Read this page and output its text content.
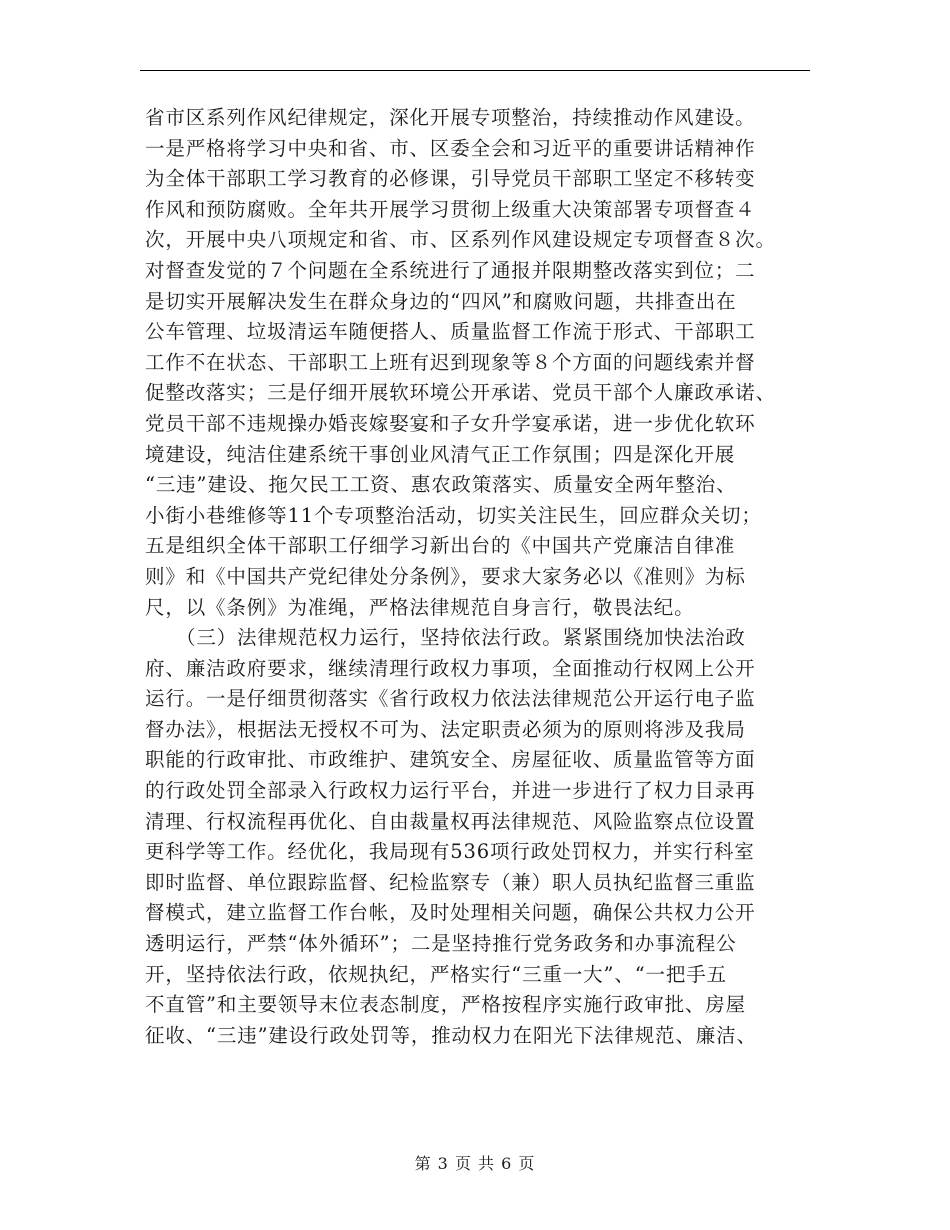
省市区系列作风纪律规定，深化开展专项整治，持续推动作风建设。
一是严格将学习中央和省、市、区委全会和习近平的重要讲话精神作
为全体干部职工学习教育的必修课，引导党员干部职工坚定不移转变
作风和预防腐败。全年共开展学习贯彻上级重大决策部署专项督查４
次，开展中央八项规定和省、市、区系列作风建设规定专项督查８次。
对督查发觉的７个问题在全系统进行了通报并限期整改落实到位；二
是切实开展解决发生在群众身边的“四风”和腐败问题，共排查出在
公车管理、垃圾清运车随便搭人、质量监督工作流于形式、干部职工
工作不在状态、干部职工上班有迟到现象等８个方面的问题线索并督
促整改落实；三是仔细开展软环境公开承诺、党员干部个人廉政承诺、
党员干部不违规操办婚丧嫁娶宴和子女升学宴承诺，进一步优化软环
境建设，纯洁住建系统干事创业风清气正工作氛围；四是深化开展
“三违”建设、拖欠民工工资、惠农政策落实、质量安全两年整治、
小街小巷维修等11个专项整治活动，切实关注民生，回应群众关切；
五是组织全体干部职工仔细学习新出台的《中国共产党廉洁自律准
则》和《中国共产党纪律处分条例》，要求大家务必以《准则》为标
尺，以《条例》为准绳，严格法律规范自身言行，敬畏法纪。
　　（三）法律规范权力运行，坚持依法行政。紧紧围绕加快法治政
府、廉洁政府要求，继续清理行政权力事项，全面推动行权网上公开
运行。一是仔细贯彻落实《省行政权力依法法律规范公开运行电子监
督办法》，根据法无授权不可为、法定职责必须为的原则将涉及我局
职能的行政审批、市政维护、建筑安全、房屋征收、质量监管等方面
的行政处罚全部录入行政权力运行平台，并进一步进行了权力目录再
清理、行权流程再优化、自由裁量权再法律规范、风险监察点位设置
更科学等工作。经优化，我局现有536项行政处罚权力，并实行科室
即时监督、单位跟踪监督、纪检监察专（兼）职人员执纪监督三重监
督模式，建立监督工作台帐，及时处理相关问题，确保公共权力公开
透明运行，严禁“体外循环”；二是坚持推行党务政务和办事流程公
开，坚持依法行政，依规执纪，严格实行“三重一大”、“一把手五
不直管”和主要领导末位表态制度，严格按程序实施行政审批、房屋
征收、“三违”建设行政处罚等，推动权力在阳光下法律规范、廉洁、
第 3 页 共 6 页
